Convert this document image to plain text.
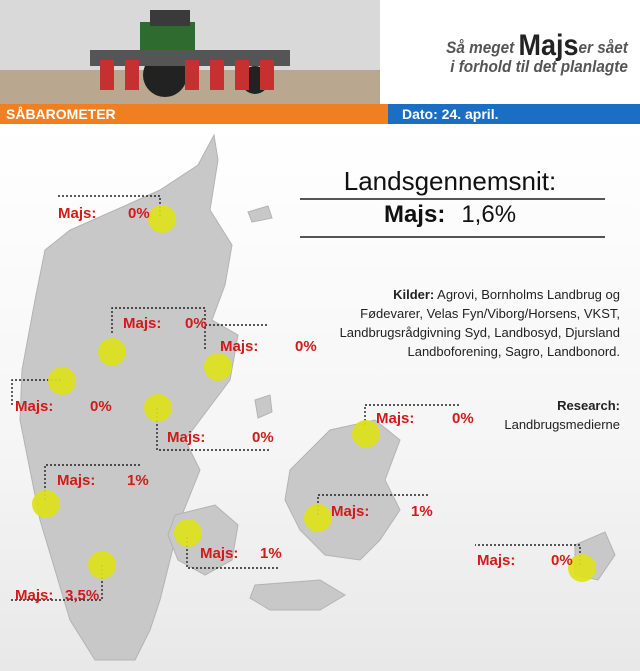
Så meget Majser sået
i forhold til det planlagte
SÅBAROMETER	Dato: 24. april.
Majs: 0%
Majs: 0%
Majs: 0%
Majs: 0%
Majs:	0%
Majs:	0%
Majs: 1%
Majs:	1%
Majs: 1%
Majs: 3,5%
Majs: 0%
Landsgennemsnit:
Majs: 1,6%
Kilder: Agrovi, Bornholms Landbrug og Fødevarer, Velas Fyn/Viborg/Horsens, VKST, Landbrugsrådgivning Syd, Landbosyd, Djursland Landboforening, Sagro, Landbonord.
Research:
Landbrugsmedierne
